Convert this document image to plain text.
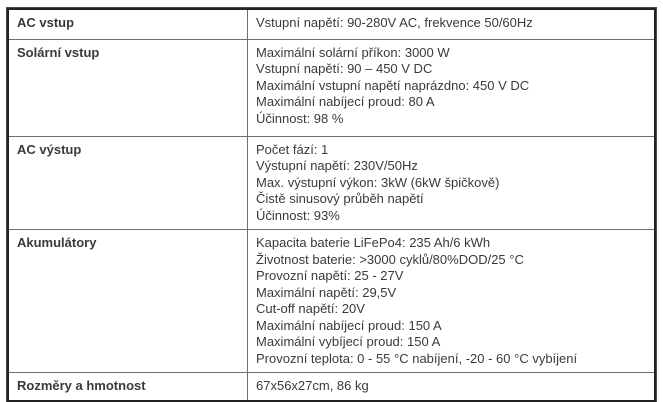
AC vstup	Vstupní napětí: 90-280V AC, frekvence 50/60Hz

Solární vstup	Maximální solární příkon: 3000 W
Vstupní napětí: 90 – 450 V DC
Maximální vstupní napětí naprázdno: 450 V DC
Maximální nabíjecí proud: 80 A
Účinnost: 98 %

AC výstup	Počet fází: 1
Výstupní napětí: 230V/50Hz
Max. výstupní výkon: 3kW (6kW špičkově)
Čistě sinusový průběh napětí
Účinnost: 93%

Akumulátory	Kapacita baterie LiFePo4: 235 Ah/6 kWh
Životnost baterie: >3000 cyklů/80%DOD/25 °C
Provozní napětí: 25 - 27V
Maximální napětí: 29,5V
Cut-off napětí: 20V
Maximální nabíjecí proud: 150 A
Maximální vybíjecí proud: 150 A
Provozní teplota: 0 - 55 °C nabíjení, -20 - 60 °C vybíjení

Rozměry a hmotnost	67x56x27cm, 86 kg
